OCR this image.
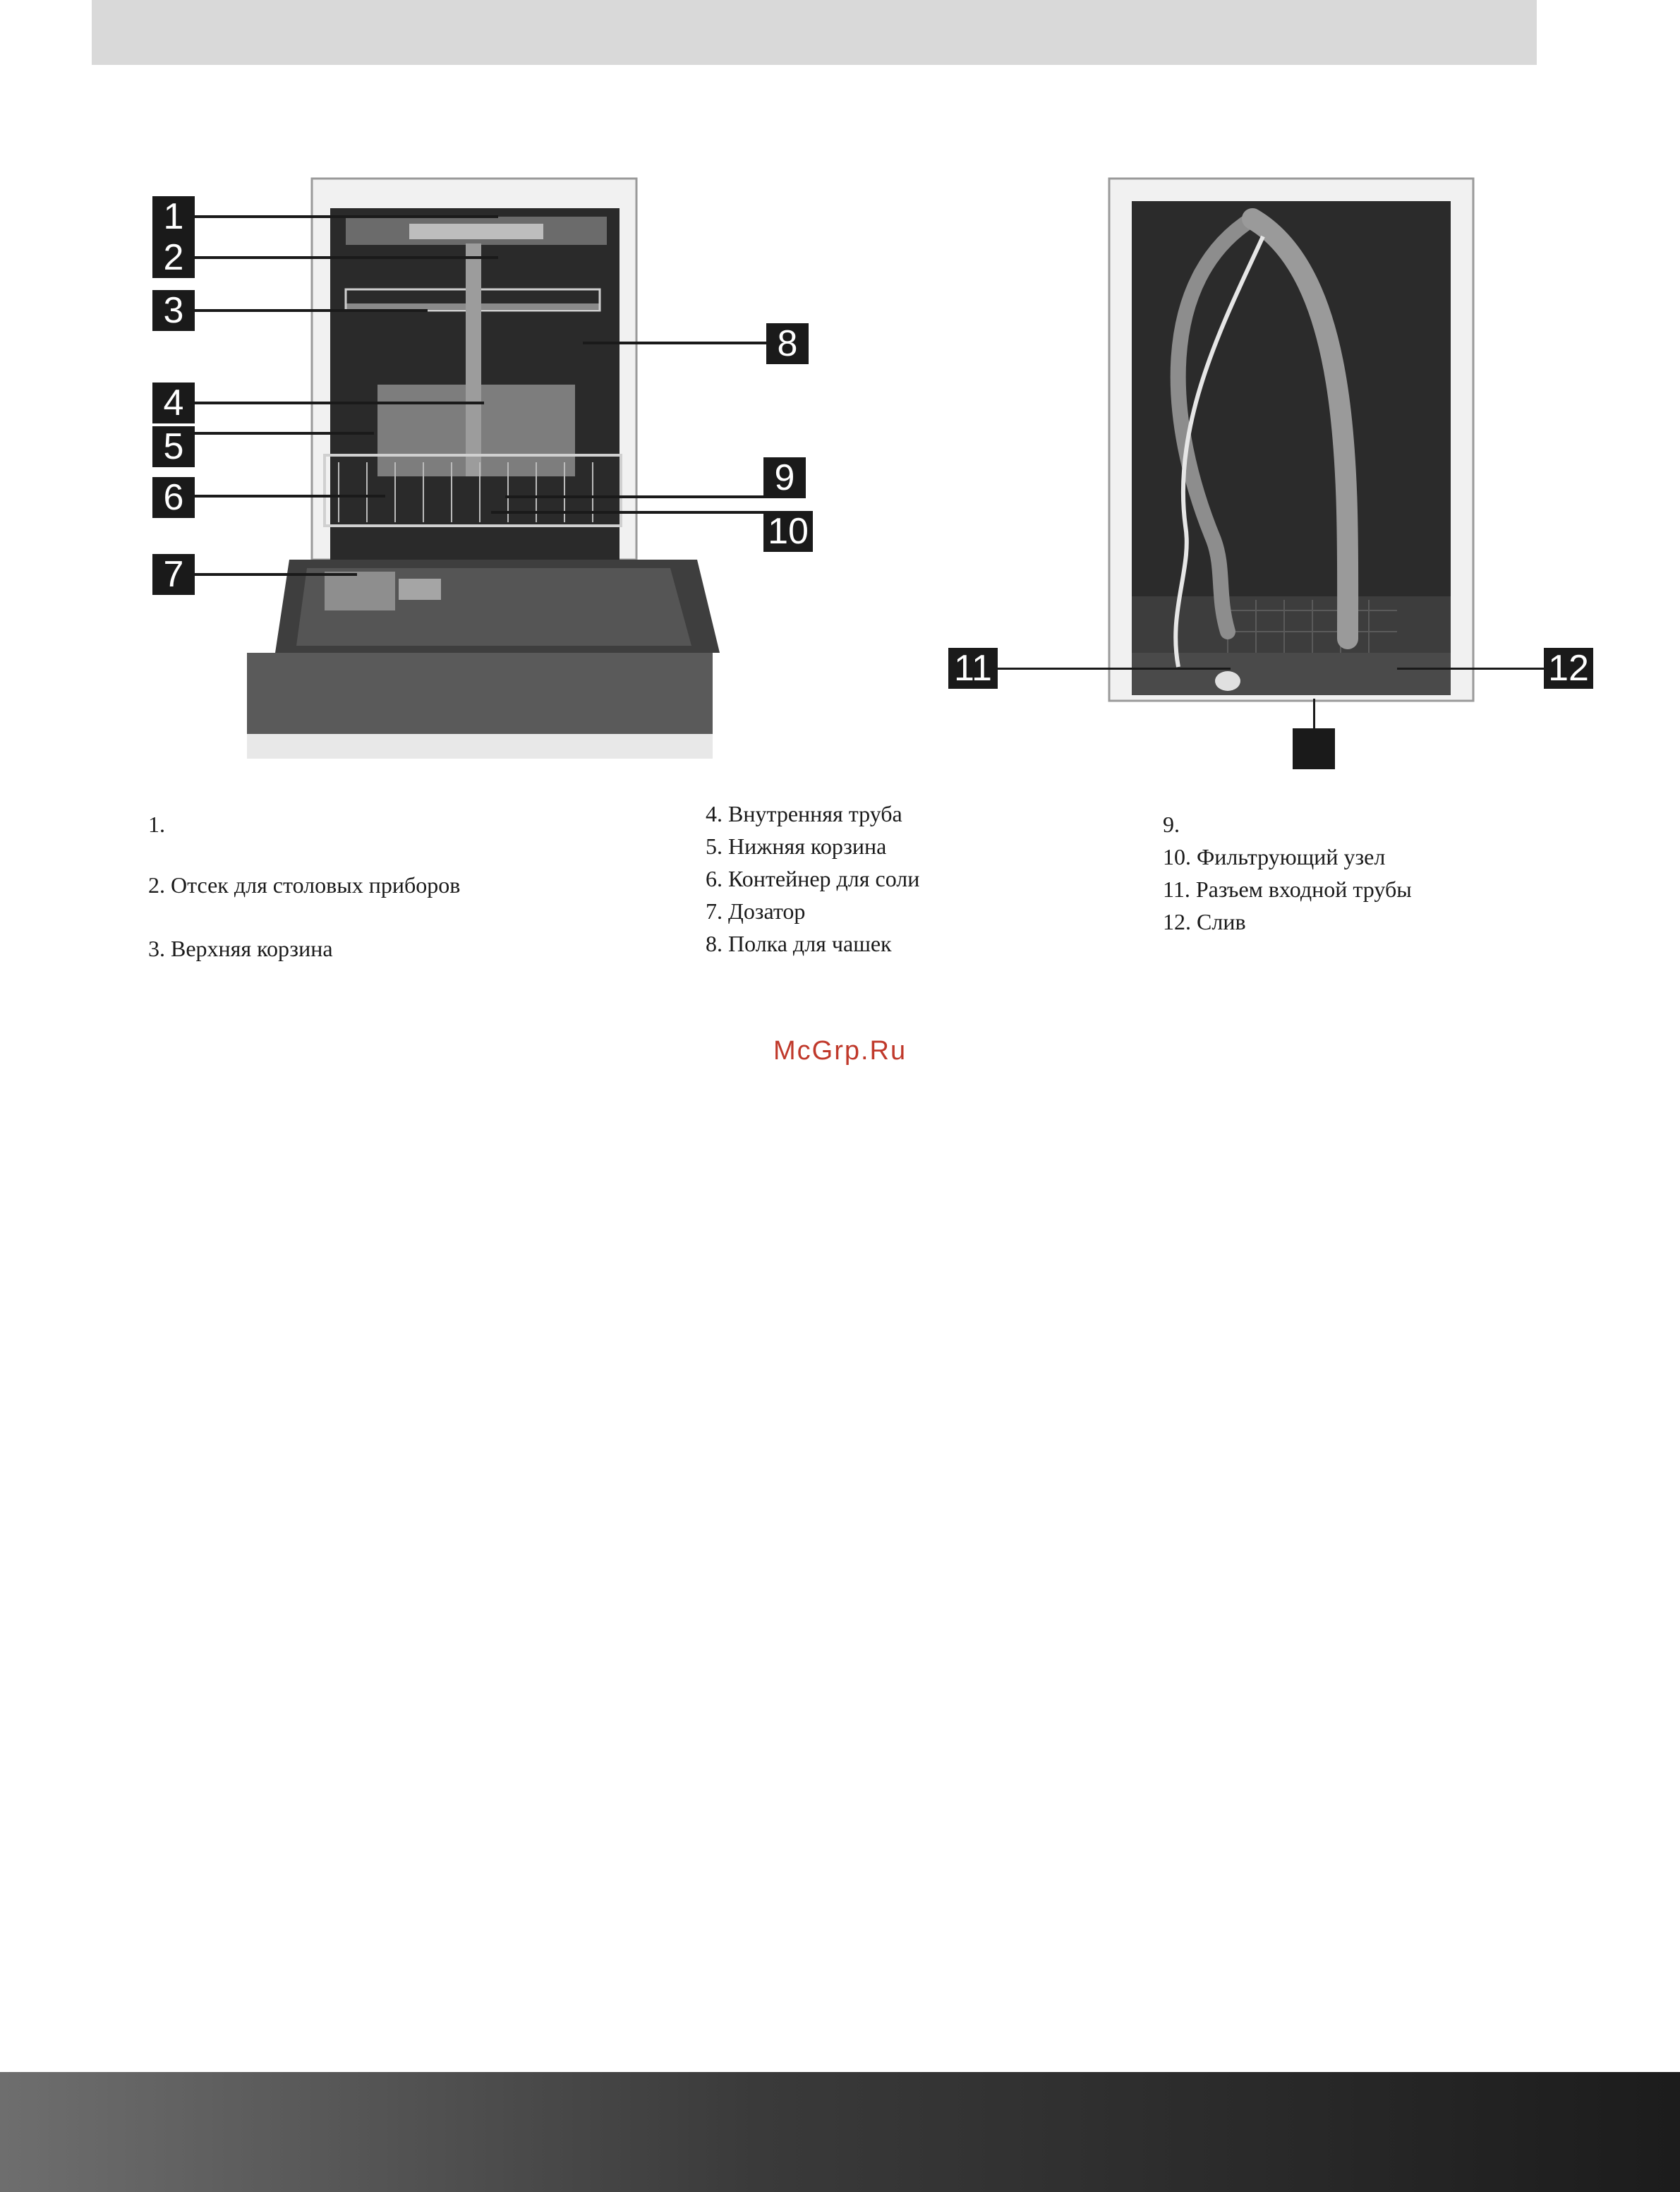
1
2
3
4
5
6
7
8
9
10
11	12
1.
2. Отсек для столовых приборов
3. Верхняя корзина
4. Внутренняя труба
5. Нижняя корзина
6. Контейнер для соли
7. Дозатор
8. Полка для чашек
9.
10. Фильтрующий узел
11. Разъем входной трубы
12. Слив
McGrp.Ru
